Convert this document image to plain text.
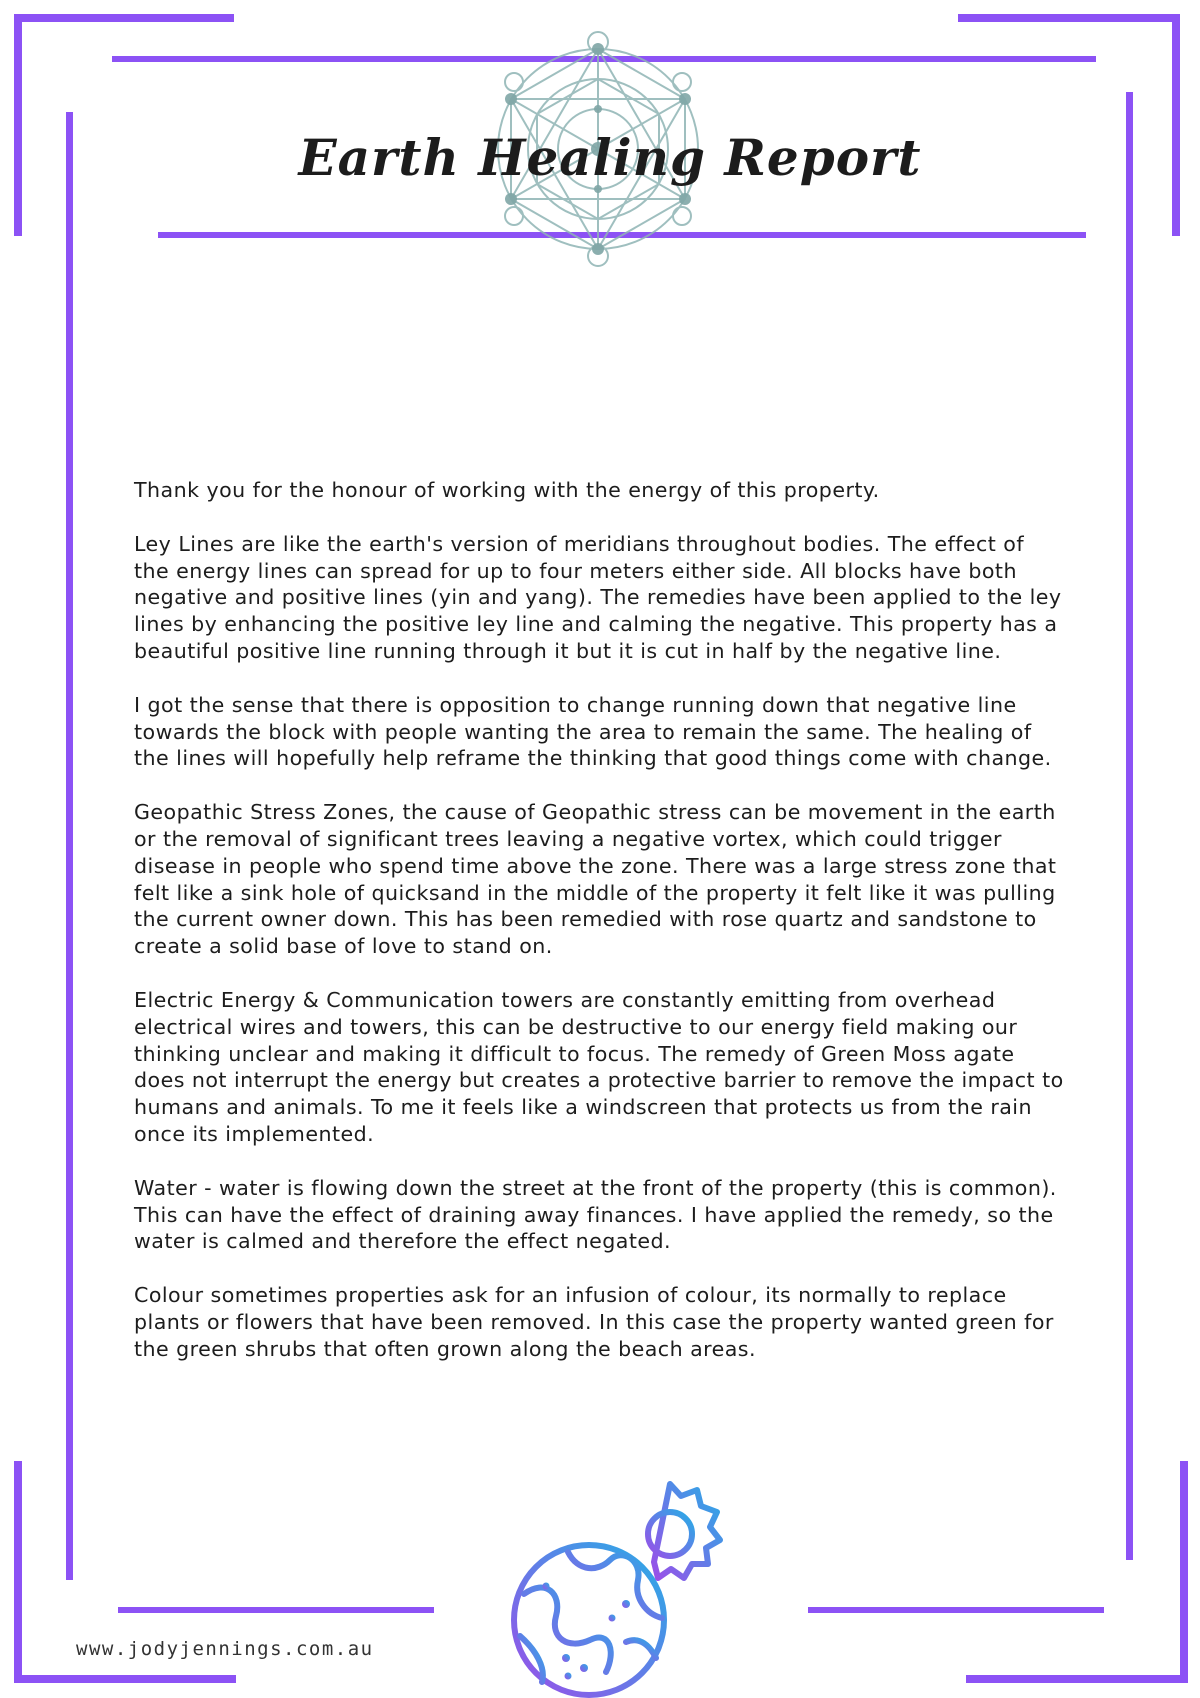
Earth Healing Report

Thank you for the honour of working with the energy of this property.

Ley Lines are like the earth's version of meridians throughout bodies. The effect of the energy lines can spread for up to four meters either side. All blocks have both negative and positive lines (yin and yang). The remedies have been applied to the ley lines by enhancing the positive ley line and calming the negative. This property has a beautiful positive line running through it but it is cut in half by the negative line.

I got the sense that there is opposition to change running down that negative line towards the block with people wanting the area to remain the same. The healing of the lines will hopefully help reframe the thinking that good things come with change.

Geopathic Stress Zones, the cause of Geopathic stress can be movement in the earth or the removal of significant trees leaving a negative vortex, which could trigger disease in people who spend time above the zone. There was a large stress zone that felt like a sink hole of quicksand in the middle of the property it felt like it was pulling the current owner down. This has been remedied with rose quartz and sandstone to create a solid base of love to stand on.

Electric Energy & Communication towers are constantly emitting from overhead electrical wires and towers, this can be destructive to our energy field making our thinking unclear and making it difficult to focus. The remedy of Green Moss agate does not interrupt the energy but creates a protective barrier to remove the impact to humans and animals. To me it feels like a windscreen that protects us from the rain once its implemented.

Water - water is flowing down the street at the front of the property (this is common). This can have the effect of draining away finances. I have applied the remedy, so the water is calmed and therefore the effect negated.

Colour sometimes properties ask for an infusion of colour, its normally to replace plants or flowers that have been removed. In this case the property wanted green for the green shrubs that often grown along the beach areas.

www.jodyjennings.com.au
